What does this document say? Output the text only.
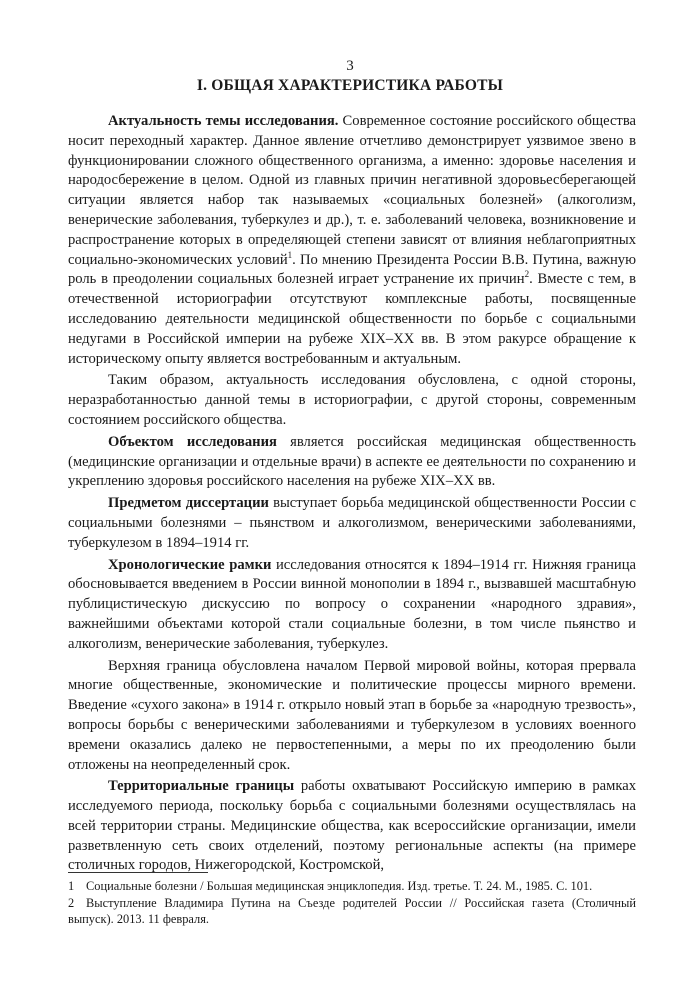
3
I. ОБЩАЯ ХАРАКТЕРИСТИКА РАБОТЫ

Актуальность темы исследования. Современное состояние российского общества носит переходный характер. Данное явление отчетливо демонстрирует уязвимое звено в функционировании сложного общественного организма, а именно: здоровье населения и народосбережение в целом. Одной из главных причин негативной здоровьесберегающей ситуации является набор так называемых «социальных болезней» (алкоголизм, венерические заболевания, туберкулез и др.), т. е. заболеваний человека, возникновение и распространение которых в определяющей степени зависят от влияния неблагоприятных социально-экономических условий$^1$. По мнению Президента России В.В. Путина, важную роль в преодолении социальных болезней играет устранение их причин$^2$. Вместе с тем, в отечественной историографии отсутствуют комплексные работы, посвященные исследованию деятельности медицинской общественности по борьбе с социальными недугами в Российской империи на рубеже XIX–XX вв. В этом ракурсе обращение к историческому опыту является востребованным и актуальным.

Таким образом, актуальность исследования обусловлена, с одной стороны, неразработанностью данной темы в историографии, с другой стороны, современным состоянием российского общества.

Объектом исследования является российская медицинская общественность (медицинские организации и отдельные врачи) в аспекте ее деятельности по сохранению и укреплению здоровья российского населения на рубеже XIX–XX вв.

Предметом диссертации выступает борьба медицинской общественности России с социальными болезнями – пьянством и алкоголизмом, венерическими заболеваниями, туберкулезом в 1894–1914 гг.

Хронологические рамки исследования относятся к 1894–1914 гг. Нижняя граница обосновывается введением в России винной монополии в 1894 г., вызвавшей масштабную публицистическую дискуссию по вопросу о сохранении «народного здравия», важнейшими объектами которой стали социальные болезни, в том числе пьянство и алкоголизм, венерические заболевания, туберкулез.

Верхняя граница обусловлена началом Первой мировой войны, которая прервала многие общественные, экономические и политические процессы мирного времени. Введение «сухого закона» в 1914 г. открыло новый этап в борьбе за «народную трезвость», вопросы борьбы с венерическими заболеваниями и туберкулезом в условиях военного времени оказались далеко не первостепенными, а меры по их преодолению были отложены на неопределенный срок.

Территориальные границы работы охватывают Российскую империю в рамках исследуемого периода, поскольку борьба с социальными болезнями осуществлялась на всей территории страны. Медицинские общества, как всероссийские организации, имели разветвленную сеть своих отделений, поэтому региональные аспекты (на примере столичных городов, Нижегородской, Костромской,

1 Социальные болезни / Большая медицинская энциклопедия. Изд. третье. Т. 24. М., 1985. С. 101.

2 Выступление Владимира Путина на Съезде родителей России // Российская газета (Столичный выпуск). 2013. 11 февраля.
